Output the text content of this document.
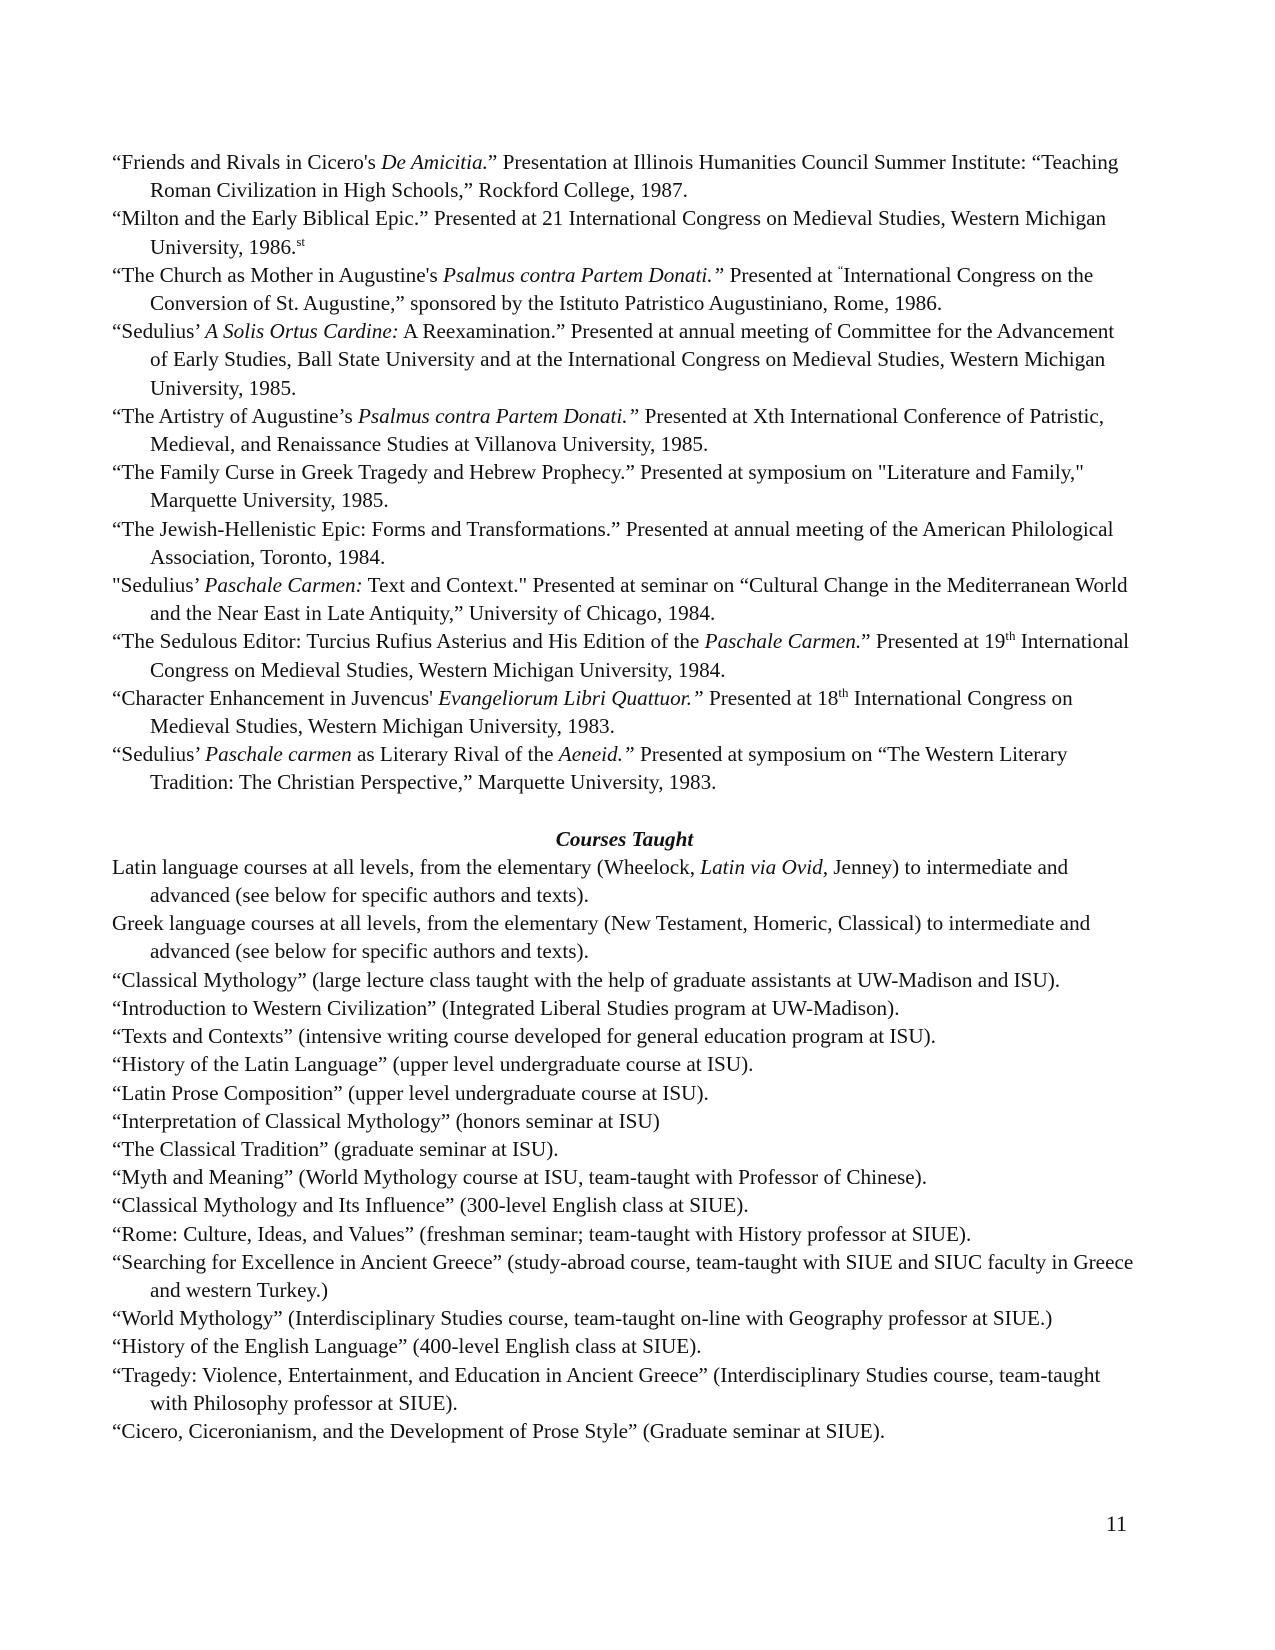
“Friends and Rivals in Cicero's De Amicitia.” Presentation at Illinois Humanities Council Summer Institute: “Teaching Roman Civilization in High Schools,” Rockford College, 1987.

“Milton and the Early Biblical Epic.” Presented at 21 International Congress on Medieval Studies, Western Michigan University, 1986.$^{st}$

“The Church as Mother in Augustine's Psalmus contra Partem Donati.” Presented at “International Congress on the Conversion of St. Augustine,” sponsored by the Istituto Patristico Augustiniano, Rome, 1986.

“Sedulius’ A Solis Ortus Cardine: A Reexamination.” Presented at annual meeting of Committee for the Advancement of Early Studies, Ball State University and at the International Congress on Medieval Studies, Western Michigan University, 1985.

“The Artistry of Augustine’s Psalmus contra Partem Donati.” Presented at Xth International Conference of Patristic, Medieval, and Renaissance Studies at Villanova University, 1985.

“The Family Curse in Greek Tragedy and Hebrew Prophecy.” Presented at symposium on "Literature and Family," Marquette University, 1985.

“The Jewish-Hellenistic Epic: Forms and Transformations.” Presented at annual meeting of the American Philological Association, Toronto, 1984.

"Sedulius’ Paschale Carmen: Text and Context." Presented at seminar on “Cultural Change in the Mediterranean World and the Near East in Late Antiquity,” University of Chicago, 1984.

“The Sedulous Editor: Turcius Rufius Asterius and His Edition of the Paschale Carmen.” Presented at 19th International Congress on Medieval Studies, Western Michigan University, 1984.

“Character Enhancement in Juvencus' Evangeliorum Libri Quattuor.” Presented at 18th International Congress on Medieval Studies, Western Michigan University, 1983.

“Sedulius’ Paschale carmen as Literary Rival of the Aeneid.” Presented at symposium on “The Western Literary Tradition: The Christian Perspective,” Marquette University, 1983.

Courses Taught

Latin language courses at all levels, from the elementary (Wheelock, Latin via Ovid, Jenney) to intermediate and advanced (see below for specific authors and texts).

Greek language courses at all levels, from the elementary (New Testament, Homeric, Classical) to intermediate and advanced (see below for specific authors and texts).

“Classical Mythology” (large lecture class taught with the help of graduate assistants at UW-Madison and ISU).

“Introduction to Western Civilization” (Integrated Liberal Studies program at UW-Madison).

“Texts and Contexts” (intensive writing course developed for general education program at ISU).

“History of the Latin Language” (upper level undergraduate course at ISU).

“Latin Prose Composition” (upper level undergraduate course at ISU).

“Interpretation of Classical Mythology” (honors seminar at ISU)

“The Classical Tradition” (graduate seminar at ISU).

“Myth and Meaning” (World Mythology course at ISU, team-taught with Professor of Chinese).

“Classical Mythology and Its Influence” (300-level English class at SIUE).

“Rome: Culture, Ideas, and Values” (freshman seminar; team-taught with History professor at SIUE).

“Searching for Excellence in Ancient Greece” (study-abroad course, team-taught with SIUE and SIUC faculty in Greece and western Turkey.)

“World Mythology” (Interdisciplinary Studies course, team-taught on-line with Geography professor at SIUE.)

“History of the English Language” (400-level English class at SIUE).

“Tragedy: Violence, Entertainment, and Education in Ancient Greece” (Interdisciplinary Studies course, team-taught with Philosophy professor at SIUE).

“Cicero, Ciceronianism, and the Development of Prose Style” (Graduate seminar at SIUE).

11
